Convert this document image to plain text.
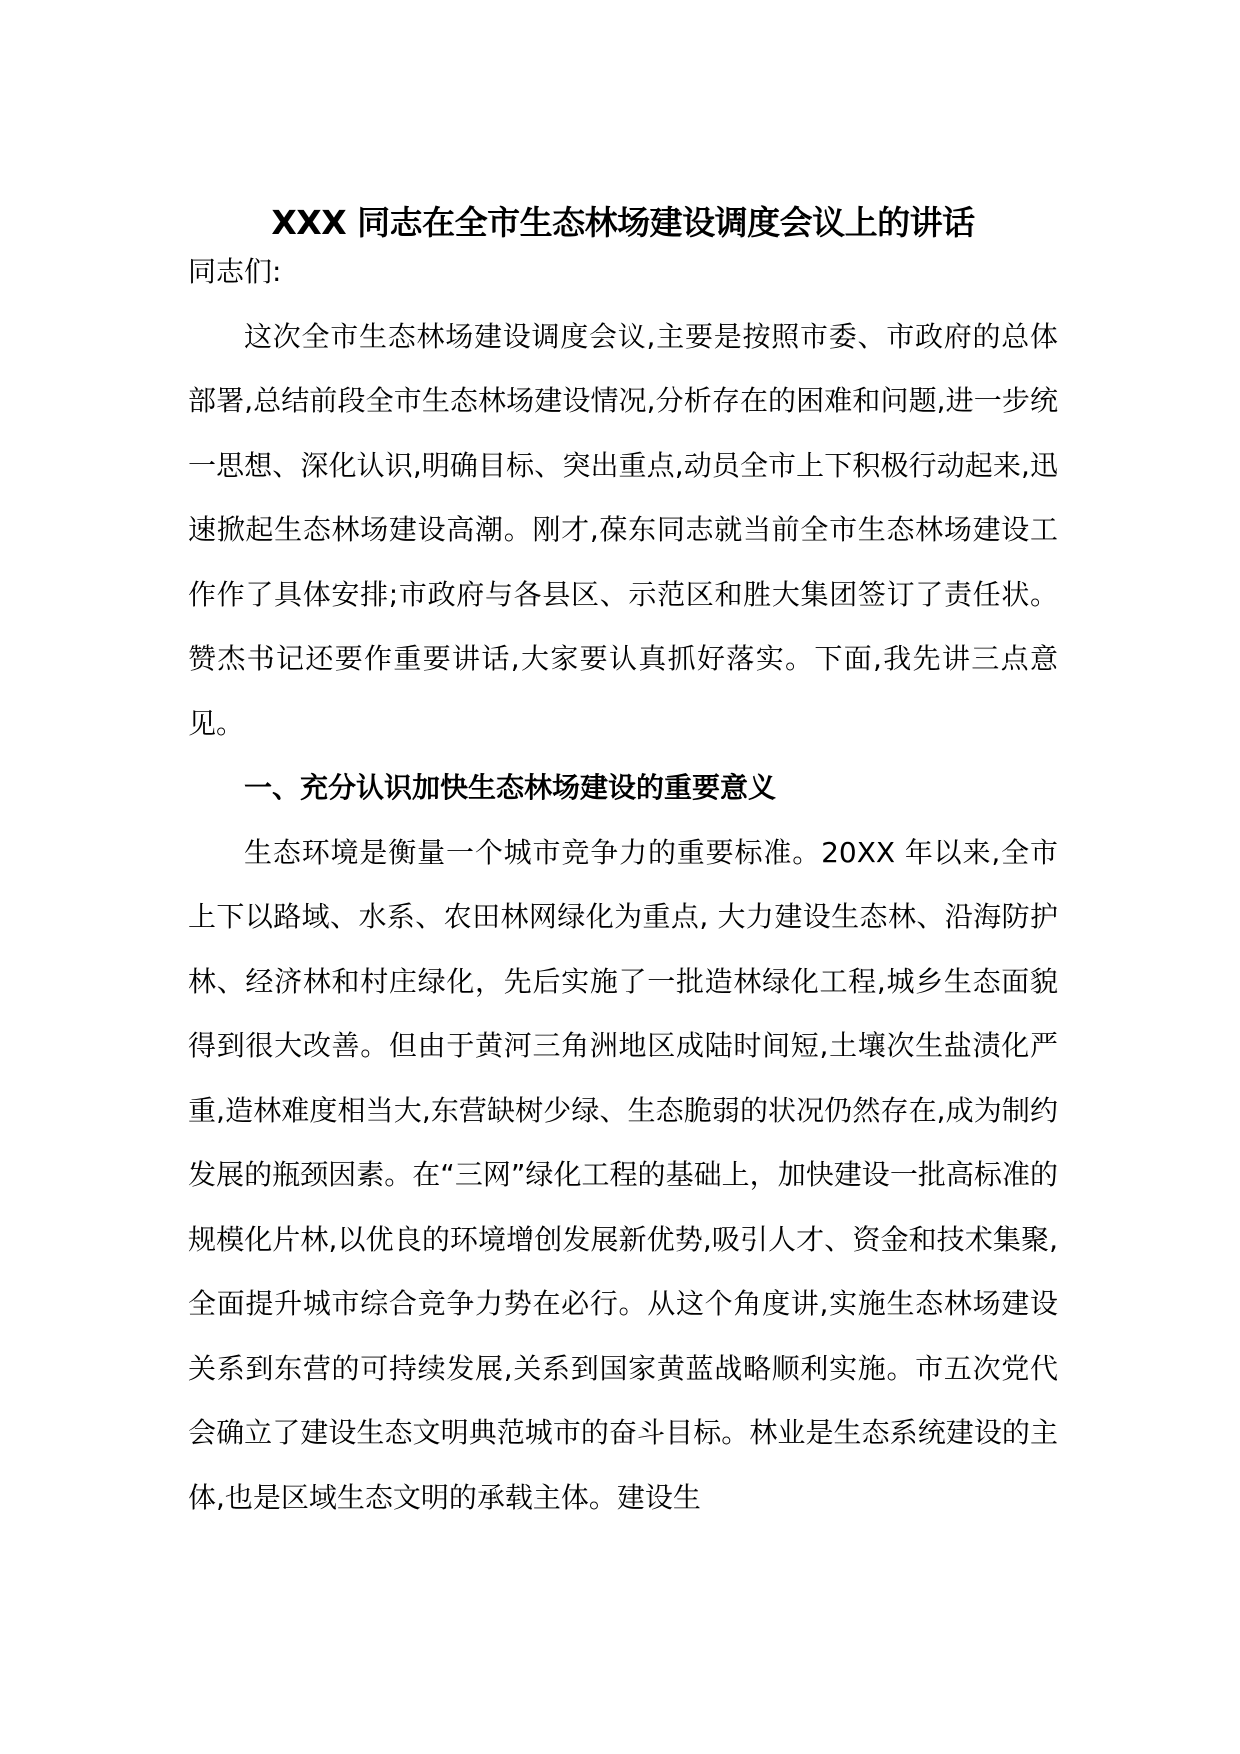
XXX 同志在全市生态林场建设调度会议上的讲话

同志们:

这次全市生态林场建设调度会议,主要是按照市委、市政府的总体部署,总结前段全市生态林场建设情况,分析存在的困难和问题,进一步统一思想、深化认识,明确目标、突出重点,动员全市上下积极行动起来,迅速掀起生态林场建设高潮。刚才,葆东同志就当前全市生态林场建设工作作了具体安排;市政府与各县区、示范区和胜大集团签订了责任状。赞杰书记还要作重要讲话,大家要认真抓好落实。下面,我先讲三点意见。

一、充分认识加快生态林场建设的重要意义

生态环境是衡量一个城市竞争力的重要标准。20XX 年以来,全市上下以路域、水系、农田林网绿化为重点, 大力建设生态林、沿海防护林、经济林和村庄绿化，先后实施了一批造林绿化工程,城乡生态面貌得到很大改善。但由于黄河三角洲地区成陆时间短,土壤次生盐渍化严重,造林难度相当大,东营缺树少绿、生态脆弱的状况仍然存在,成为制约发展的瓶颈因素。在“三网”绿化工程的基础上，加快建设一批高标准的规模化片林,以优良的环境增创发展新优势,吸引人才、资金和技术集聚,全面提升城市综合竞争力势在必行。从这个角度讲,实施生态林场建设关系到东营的可持续发展,关系到国家黄蓝战略顺利实施。市五次党代会确立了建设生态文明典范城市的奋斗目标。林业是生态系统建设的主体,也是区域生态文明的承载主体。建设生
